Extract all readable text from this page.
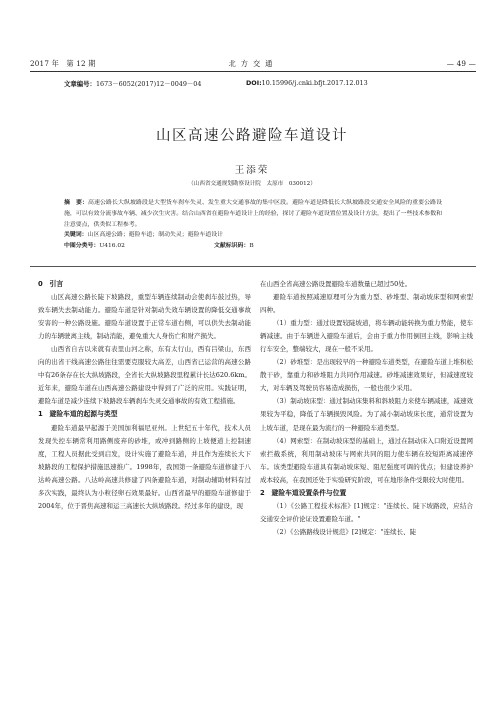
2017 年　第 12 期	北方交通	— 49 —
文章编号：1673－6052(2017)12－0049－04	DOI:10.15996/j.cnki.bfjt.2017.12.013
山区高速公路避险车道设计
王添荣
（山西省交通规划勘察设计院　太原市　030012）

摘　要：高速公路长大纵坡路段是大型货车刹车失灵、发生重大交通事故的集中区段。避险车道是降低长大纵坡路段交通安全风险的重要公路设施，可以有效分流事故车辆、减少次生灾害。结合山西省在避险车道设计上的经验，探讨了避险车道设置位置及设计方法，提出了一些技术参数和注意要点，供类似工程参考。

关键词：山区高速公路；避险车道；制动失灵；避险车道设计

中图分类号：U416.02	文献标识码：B
0　引言

山区高速公路长陡下坡路段，重型车辆连续制动会使刹车鼓过热，导致车辆失去制动能力。避险车道是针对制动失效车辆设置的降低交通事故安害的一种公路设施。避险车道设置于正常车道右侧，可以供失去制动能力的车辆驶离主线，制动消能，避免重大人身伤亡和财产损失。

山西省自古以来就有表里山河之称，东有太行山，西有吕梁山，东西向的出省干线高速公路往往需要克服较大高差，山西省已运营的高速公路中有26条存在长大纵坡路段，全省长大纵坡路段里程累计长达620.6km。近年来，避险车道在山西高速公路建设中得到了广泛的应用。实践证明，避险车道是减少连续下坡路段车辆刹车失灵交通事故的有效工程措施。

1　避险车道的起源与类型

避险车道最早起源于美国加利福尼亚州。上世纪五十年代，技术人员发现失控车辆常利用路侧废弃的砂堆，或冲到路侧的上坡便道上控制速度，工程人员据此受到启发，设计实施了避险车道，并且作为连续长大下坡路段的工程保护措施迅速推广。1998年，我国第一条避险车道修建于八达岭高速公路。八达岭高速共修建了四条避险车道，对制动辅助材料有过多次实践，最终认为小粒径卵石效果最好。山西省最早的避险车道修建于2004年，位于晋焦高速和运三高速长大纵坡路段。经过多年的建设，现

在山西全省高速公路设置避险车道数量已超过50处。

避险车道按照减速原理可分为重力型、砂堆型、制动坡床型和网索型四种。

（1）重力型：通过设置较陡坡道，将车辆动能转换为重力势能，使车辆减速。由于车辆进入避险车道后，会由于重力作用倒回主线，影响主线行车安全，整端较大，现在一般不采用。

（2）砂堆型：是出现较早的一种避险车道类型，在避险车道上堆积松散干砂，靠重力和砂堆阻力共同作用减速。砂堆减速效果好，但减速度较大，对车辆及驾驶员容易造成损伤，一般也很少采用。

（3）制动坡床型：通过制动床集料和斜坡阻力来使车辆减速，减速效果较为平稳，降低了车辆损毁风险。为了减小制动坡床长度，通常设置为上坡车道，是现在最为流行的一种避险车道类型。

（4）网索型：在制动坡床型的基础上，通过在制动床入口附近设置网索拦截系统，利用制动坡床与网索共同的阻力使车辆在较短距离减速停车。该类型避险车道具有制动坡床短、阻尼强度可调的优点；但建设养护成本较高，在我国还处于实验研究阶段，可在地形条件受限较大时使用。

2　避险车道设置条件与位置

（1）《公路工程技术标准》[1]规定："连续长、陡下坡路段，应结合交通安全评价论证设置避险车道。"

（2）《公路路线设计规范》[2]规定："连续长、陡
